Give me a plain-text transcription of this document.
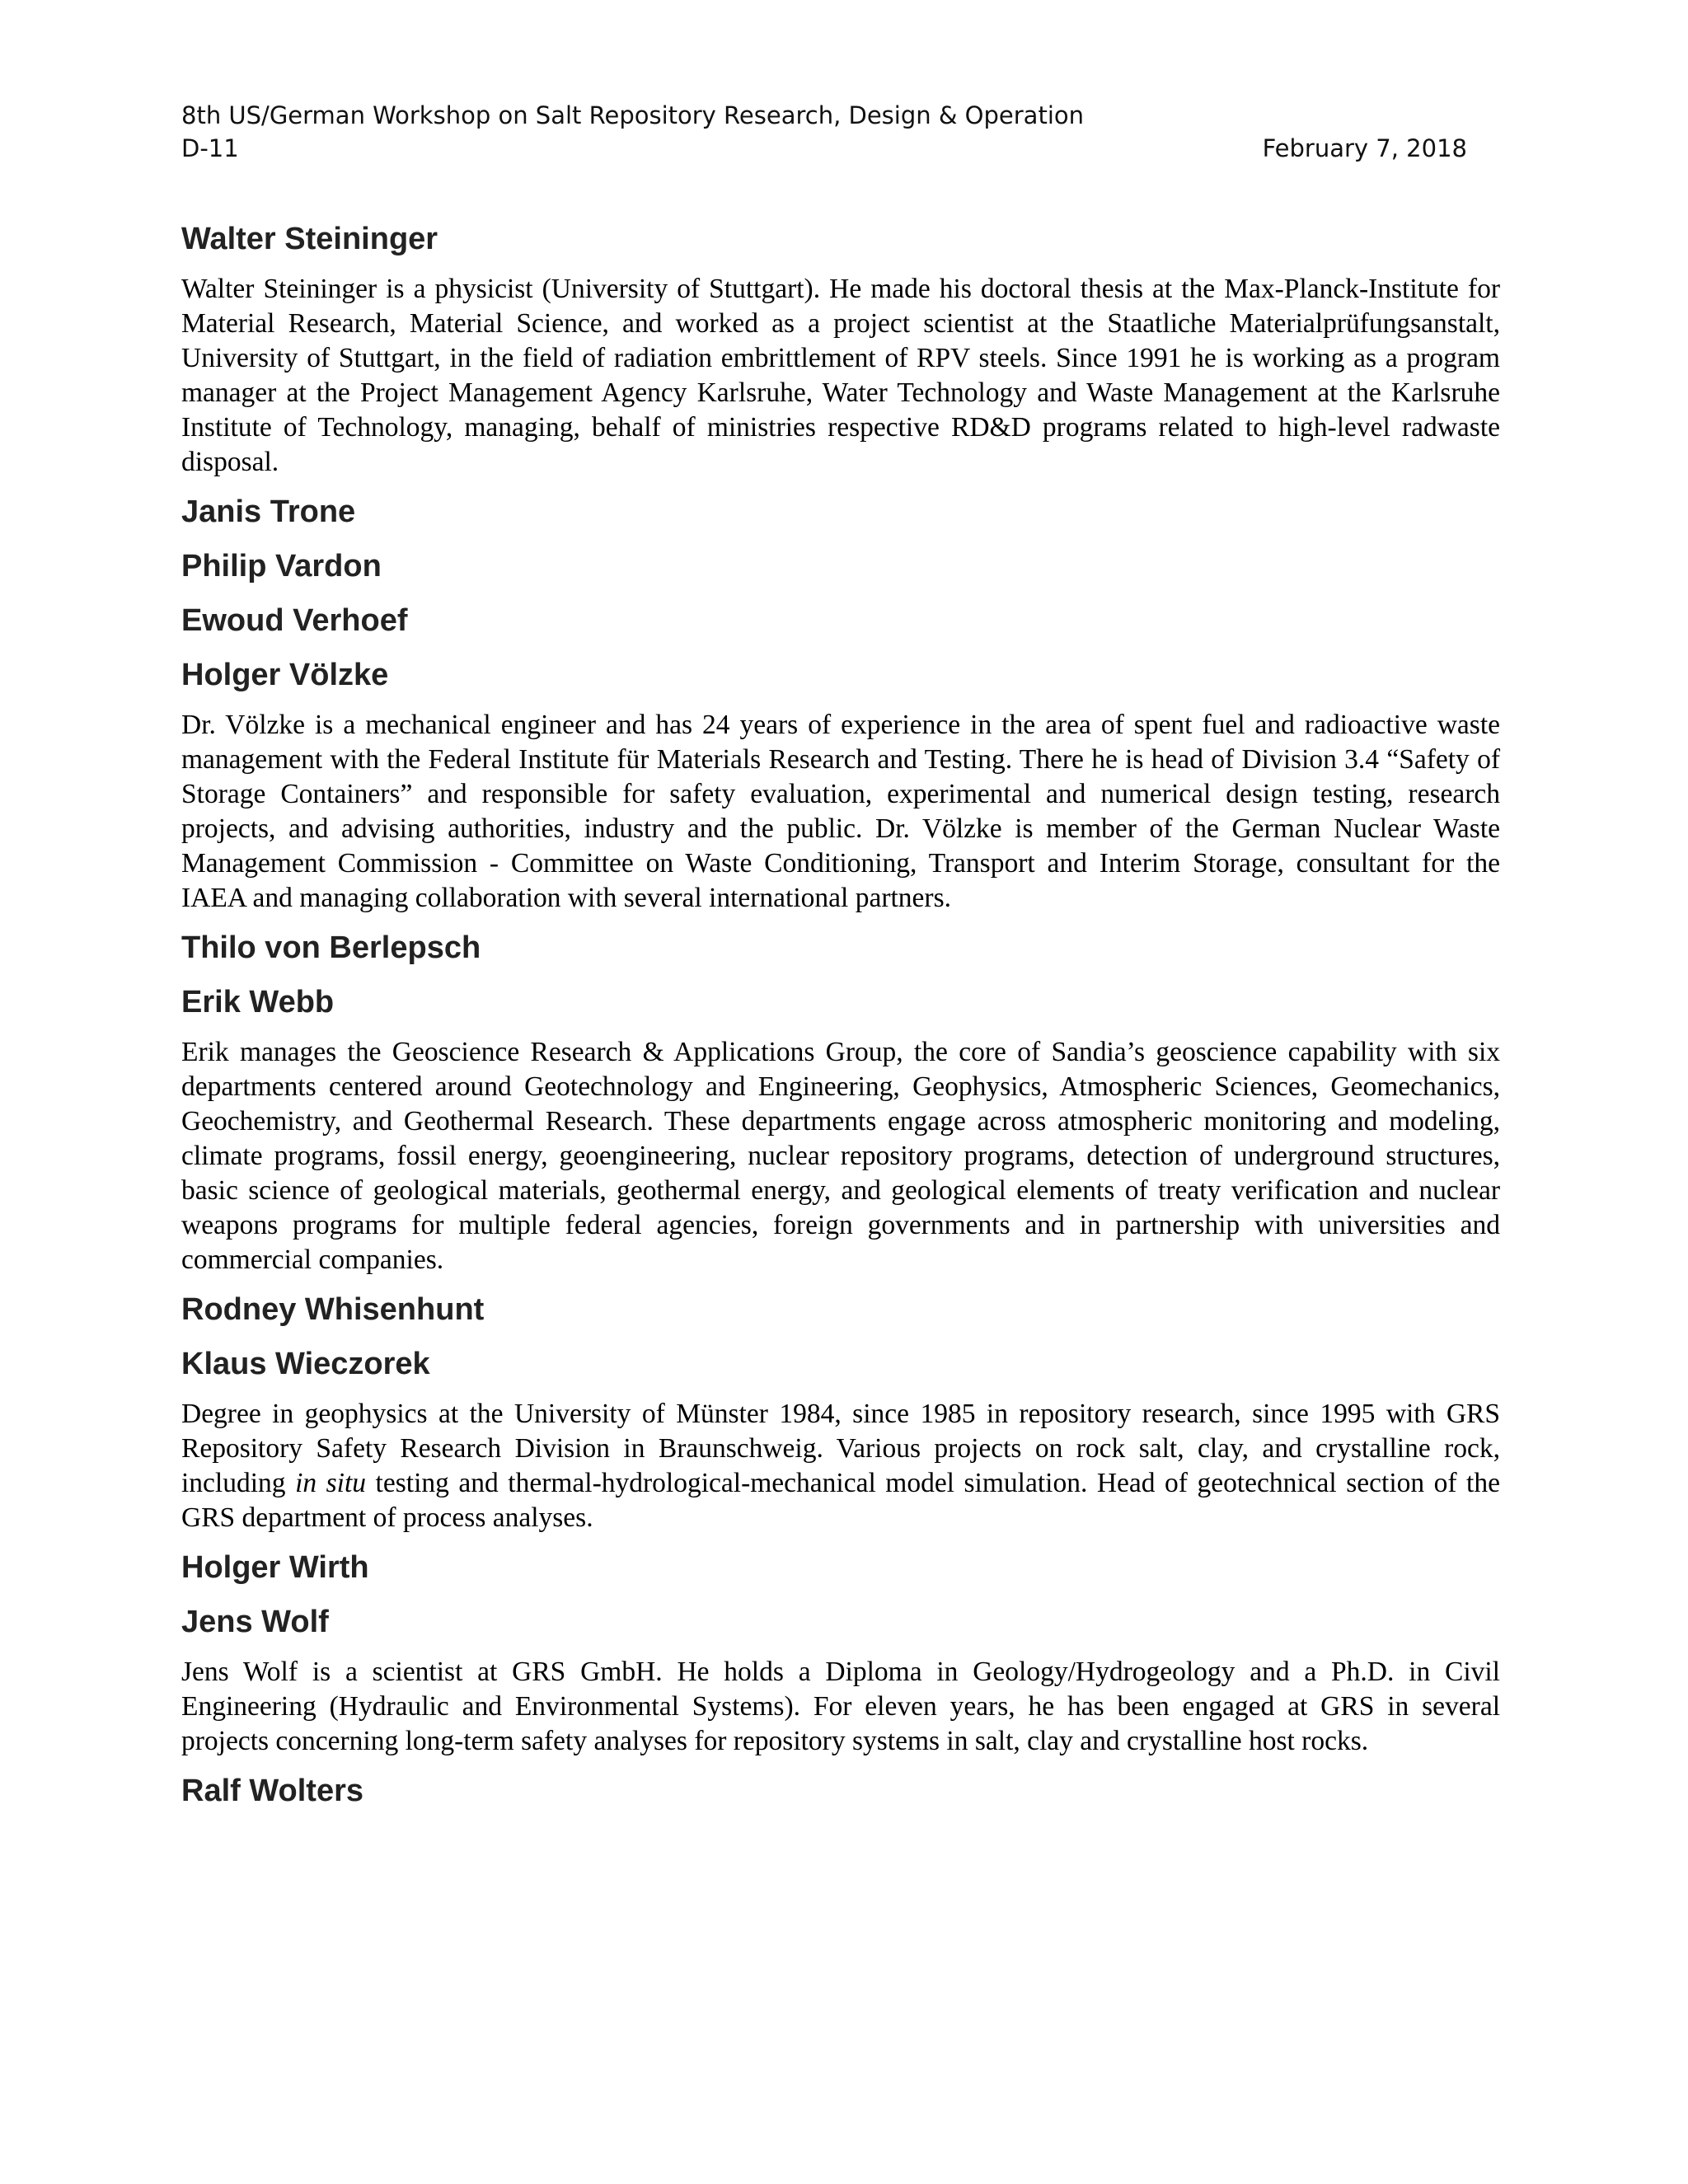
8th US/German Workshop on Salt Repository Research, Design & Operation
D-11	February 7, 2018
Walter Steininger

Walter Steininger is a physicist (University of Stuttgart). He made his doctoral thesis at the Max-Planck-Institute for Material Research, Material Science, and worked as a project scientist at the Staatliche Materialprüfungsanstalt, University of Stuttgart, in the field of radiation embrittlement of RPV steels. Since 1991 he is working as a program manager at the Project Management Agency Karlsruhe, Water Technology and Waste Management at the Karlsruhe Institute of Technology, managing, behalf of ministries respective RD&D programs related to high-level radwaste disposal.

Janis Trone
Philip Vardon
Ewoud Verhoef
Holger Völzke

Dr. Völzke is a mechanical engineer and has 24 years of experience in the area of spent fuel and radioactive waste management with the Federal Institute für Materials Research and Testing. There he is head of Division 3.4 “Safety of Storage Containers” and responsible for safety evaluation, experimental and numerical design testing, research projects, and advising authorities, industry and the public. Dr. Völzke is member of the German Nuclear Waste Management Commission - Committee on Waste Conditioning, Transport and Interim Storage, consultant for the IAEA and managing collaboration with several international partners.

Thilo von Berlepsch
Erik Webb

Erik manages the Geoscience Research & Applications Group, the core of Sandia’s geoscience capability with six departments centered around Geotechnology and Engineering, Geophysics, Atmospheric Sciences, Geomechanics, Geochemistry, and Geothermal Research. These departments engage across atmospheric monitoring and modeling, climate programs, fossil energy, geoengineering, nuclear repository programs, detection of underground structures, basic science of geological materials, geothermal energy, and geological elements of treaty verification and nuclear weapons programs for multiple federal agencies, foreign governments and in partnership with universities and commercial companies.

Rodney Whisenhunt
Klaus Wieczorek

Degree in geophysics at the University of Münster 1984, since 1985 in repository research, since 1995 with GRS Repository Safety Research Division in Braunschweig. Various projects on rock salt, clay, and crystalline rock, including in situ testing and thermal-hydrological-mechanical model simulation. Head of geotechnical section of the GRS department of process analyses.

Holger Wirth
Jens Wolf

Jens Wolf is a scientist at GRS GmbH. He holds a Diploma in Geology/Hydrogeology and a Ph.D. in Civil Engineering (Hydraulic and Environmental Systems). For eleven years, he has been engaged at GRS in several projects concerning long-term safety analyses for repository systems in salt, clay and crystalline host rocks.

Ralf Wolters
